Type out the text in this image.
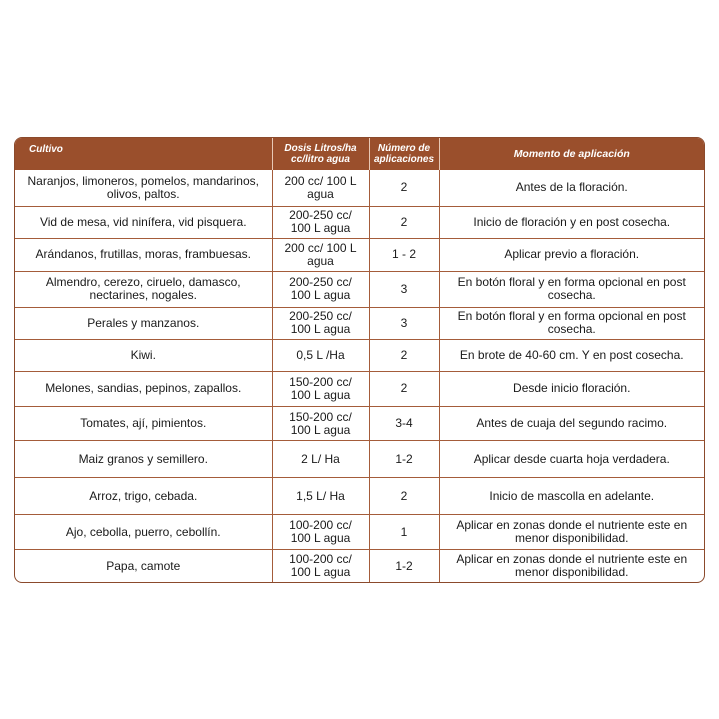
Cultivo	Dosis Litros/ha cc/litro agua	Número de aplicaciones	Momento de aplicación
Naranjos, limoneros, pomelos, mandarinos, olivos, paltos.	200 cc/ 100 L agua	2	Antes de la floración.
Vid de mesa, vid ninífera, vid pisquera.	200-250 cc/ 100 L agua	2	Inicio de floración y en post cosecha.
Arándanos, frutillas, moras, frambuesas.	200 cc/ 100 L agua	1 - 2	Aplicar previo a floración.
Almendro, cerezo, ciruelo, damasco, nectarines, nogales.	200-250 cc/ 100 L agua	3	En botón floral y en forma opcional en post cosecha.
Perales y manzanos.	200-250 cc/ 100 L agua	3	En botón floral y en forma opcional en post cosecha.
Kiwi.	0,5 L /Ha	2	En brote de 40-60 cm. Y en post cosecha.
Melones, sandias, pepinos, zapallos.	150-200 cc/ 100 L agua	2	Desde inicio floración.
Tomates, ají, pimientos.	150-200 cc/ 100 L agua	3-4	Antes de cuaja del segundo racimo.
Maiz granos y semillero.	2 L/ Ha	1-2	Aplicar desde cuarta hoja verdadera.
Arroz, trigo, cebada.	1,5 L/ Ha	2	Inicio de mascolla en adelante.
Ajo, cebolla, puerro, cebollín.	100-200 cc/ 100 L agua	1	Aplicar en zonas donde el nutriente este en menor disponibilidad.
Papa, camote	100-200 cc/ 100 L agua	1-2	Aplicar en zonas donde el nutriente este en menor disponibilidad.
